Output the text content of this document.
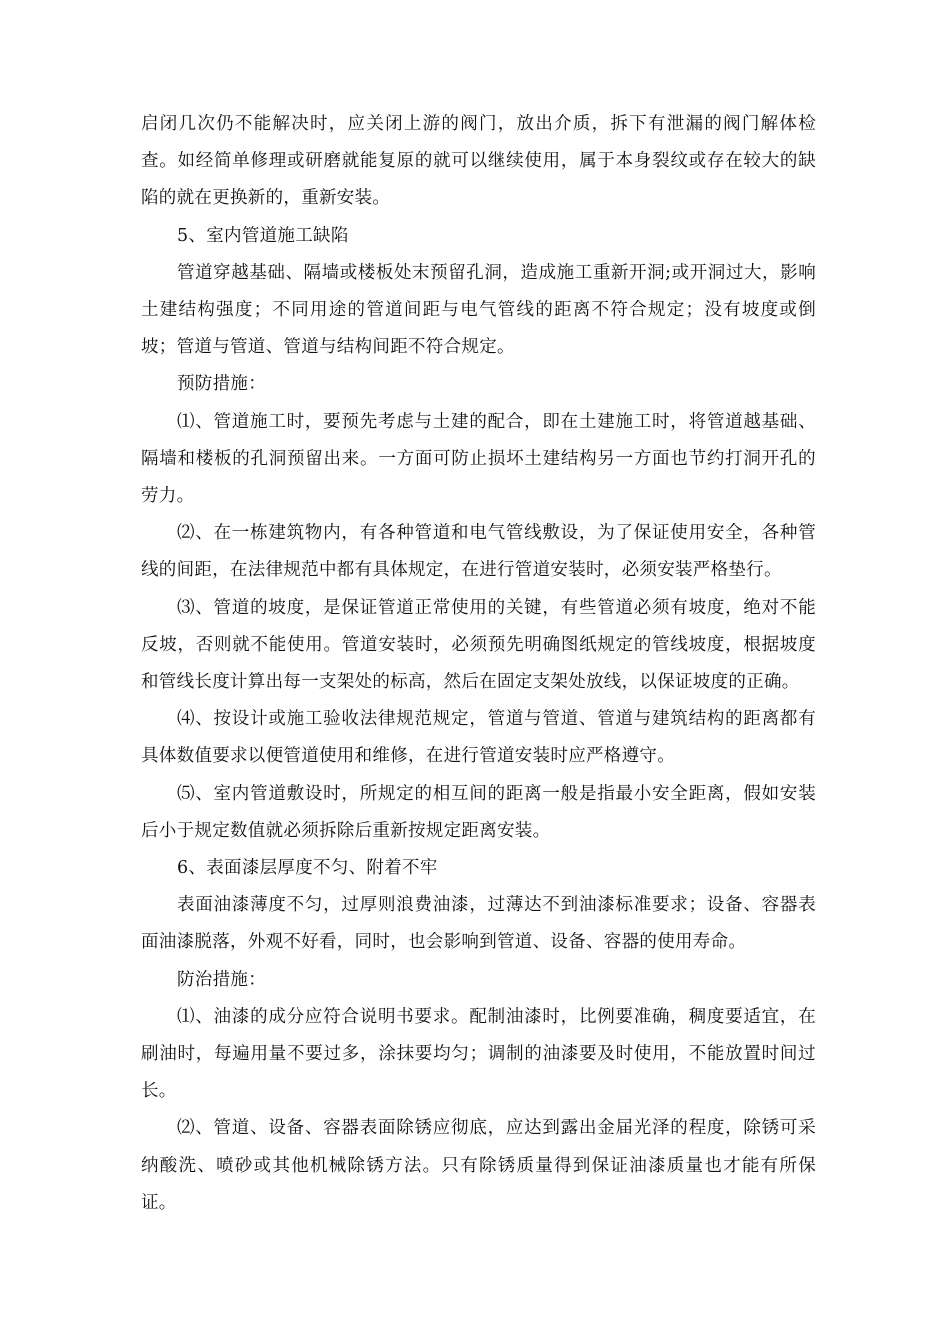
启闭几次仍不能解决时，应关闭上游的阀门，放出介质，拆下有泄漏的阀门解体检查。如经简单修理或研磨就能复原的就可以继续使用，属于本身裂纹或存在较大的缺陷的就在更换新的，重新安装。

5、室内管道施工缺陷

管道穿越基础、隔墙或楼板处末预留孔洞，造成施工重新开洞;或开洞过大，影响土建结构强度；不同用途的管道间距与电气管线的距离不符合规定；没有坡度或倒坡；管道与管道、管道与结构间距不符合规定。

预防措施：

⑴、管道施工时，要预先考虑与土建的配合，即在土建施工时，将管道越基础、隔墙和楼板的孔洞预留出来。一方面可防止损坏土建结构另一方面也节约打洞开孔的劳力。

⑵、在一栋建筑物内，有各种管道和电气管线敷设，为了保证使用安全，各种管线的间距，在法律规范中都有具体规定，在进行管道安装时，必须安装严格垫行。

⑶、管道的坡度，是保证管道正常使用的关键，有些管道必须有坡度，绝对不能反坡，否则就不能使用。管道安装时，必须预先明确图纸规定的管线坡度，根据坡度和管线长度计算出每一支架处的标高，然后在固定支架处放线，以保证坡度的正确。

⑷、按设计或施工验收法律规范规定，管道与管道、管道与建筑结构的距离都有具体数值要求以便管道使用和维修，在进行管道安装时应严格遵守。

⑸、室内管道敷设时，所规定的相互间的距离一般是指最小安全距离，假如安装后小于规定数值就必须拆除后重新按规定距离安装。

6、表面漆层厚度不匀、附着不牢

表面油漆薄度不匀，过厚则浪费油漆，过薄达不到油漆标准要求；设备、容器表面油漆脱落，外观不好看，同时，也会影响到管道、设备、容器的使用寿命。

防治措施：

⑴、油漆的成分应符合说明书要求。配制油漆时，比例要准确，稠度要适宜，在刷油时，每遍用量不要过多，涂抹要均匀；调制的油漆要及时使用，不能放置时间过长。

⑵、管道、设备、容器表面除锈应彻底，应达到露出金届光泽的程度，除锈可采纳酸洗、喷砂或其他机械除锈方法。只有除锈质量得到保证油漆质量也才能有所保证。
